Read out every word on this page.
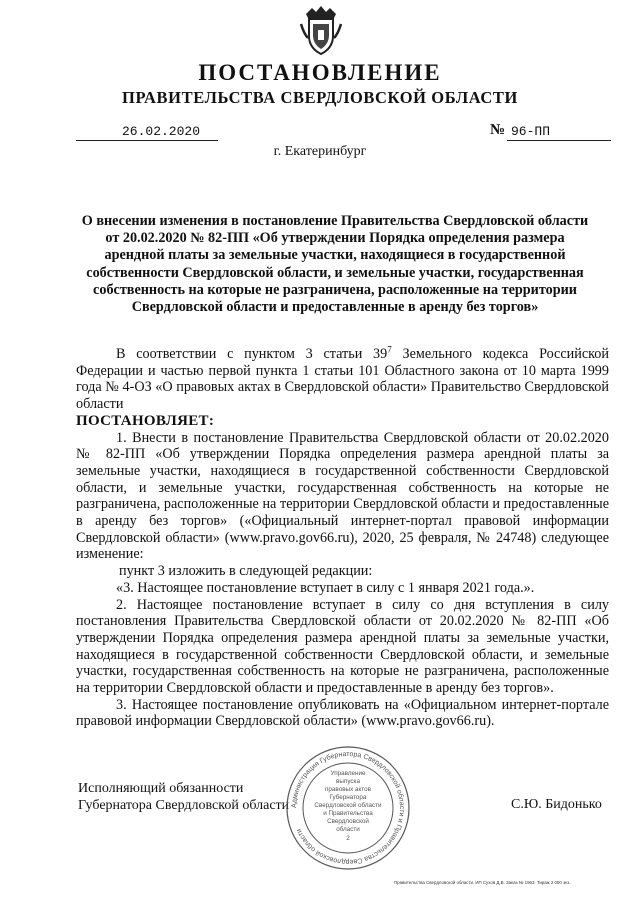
ПОСТАНОВЛЕНИЕ
ПРАВИТЕЛЬСТВА СВЕРДЛОВСКОЙ ОБЛАСТИ
26.02.2020	№ 96-ПП
г. Екатеринбург
О внесении изменения в постановление Правительства Свердловской области
от 20.02.2020 № 82-ПП «Об утверждении Порядка определения размера
арендной платы за земельные участки, находящиеся в государственной
собственности Свердловской области, и земельные участки, государственная
собственность на которые не разграничена, расположенные на территории
Свердловской области и предоставленные в аренду без торгов»

В соответствии с пунктом 3 статьи $39^7$ Земельного кодекса Российской Федерации и частью первой пункта 1 статьи 101 Областного закона от 10 марта 1999 года № 4-ОЗ «О правовых актах в Свердловской области» Правительство Свердловской области

ПОСТАНОВЛЯЕТ:

1. Внести в постановление Правительства Свердловской области от 20.02.2020 № 82-ПП «Об утверждении Порядка определения размера арендной платы за земельные участки, находящиеся в государственной собственности Свердловской области, и земельные участки, государственная собственность на которые не разграничена, расположенные на территории Свердловской области и предоставленные в аренду без торгов» («Официальный интернет-портал правовой информации Свердловской области» (www.pravo.gov66.ru), 2020, 25 февраля, № 24748) следующее изменение:

пункт 3 изложить в следующей редакции:

«3. Настоящее постановление вступает в силу с 1 января 2021 года.».

2. Настоящее постановление вступает в силу со дня вступления в силу постановления Правительства Свердловской области от 20.02.2020 № 82-ПП «Об утверждении Порядка определения размера арендной платы за земельные участки, находящиеся в государственной собственности Свердловской области, и земельные участки, государственная собственность на которые не разграничена, расположенные на территории Свердловской области и предоставленные в аренду без торгов».

3. Настоящее постановление опубликовать на «Официальном интернет-портале правовой информации Свердловской области» (www.pravo.gov66.ru).

Исполняющий обязанности
Губернатора Свердловской области	С.Ю. Бидонько
Администрация Губернатора Свердловской области и Правительства Свердловской области
Управление
выпуска
правовых актов
Губернатора
Свердловской области
и Правительства
Свердловской
области
2
Правительства Свердловской области. ИП Сухов Д.В. Заказ № 1963. Тираж 2 000 экз.
